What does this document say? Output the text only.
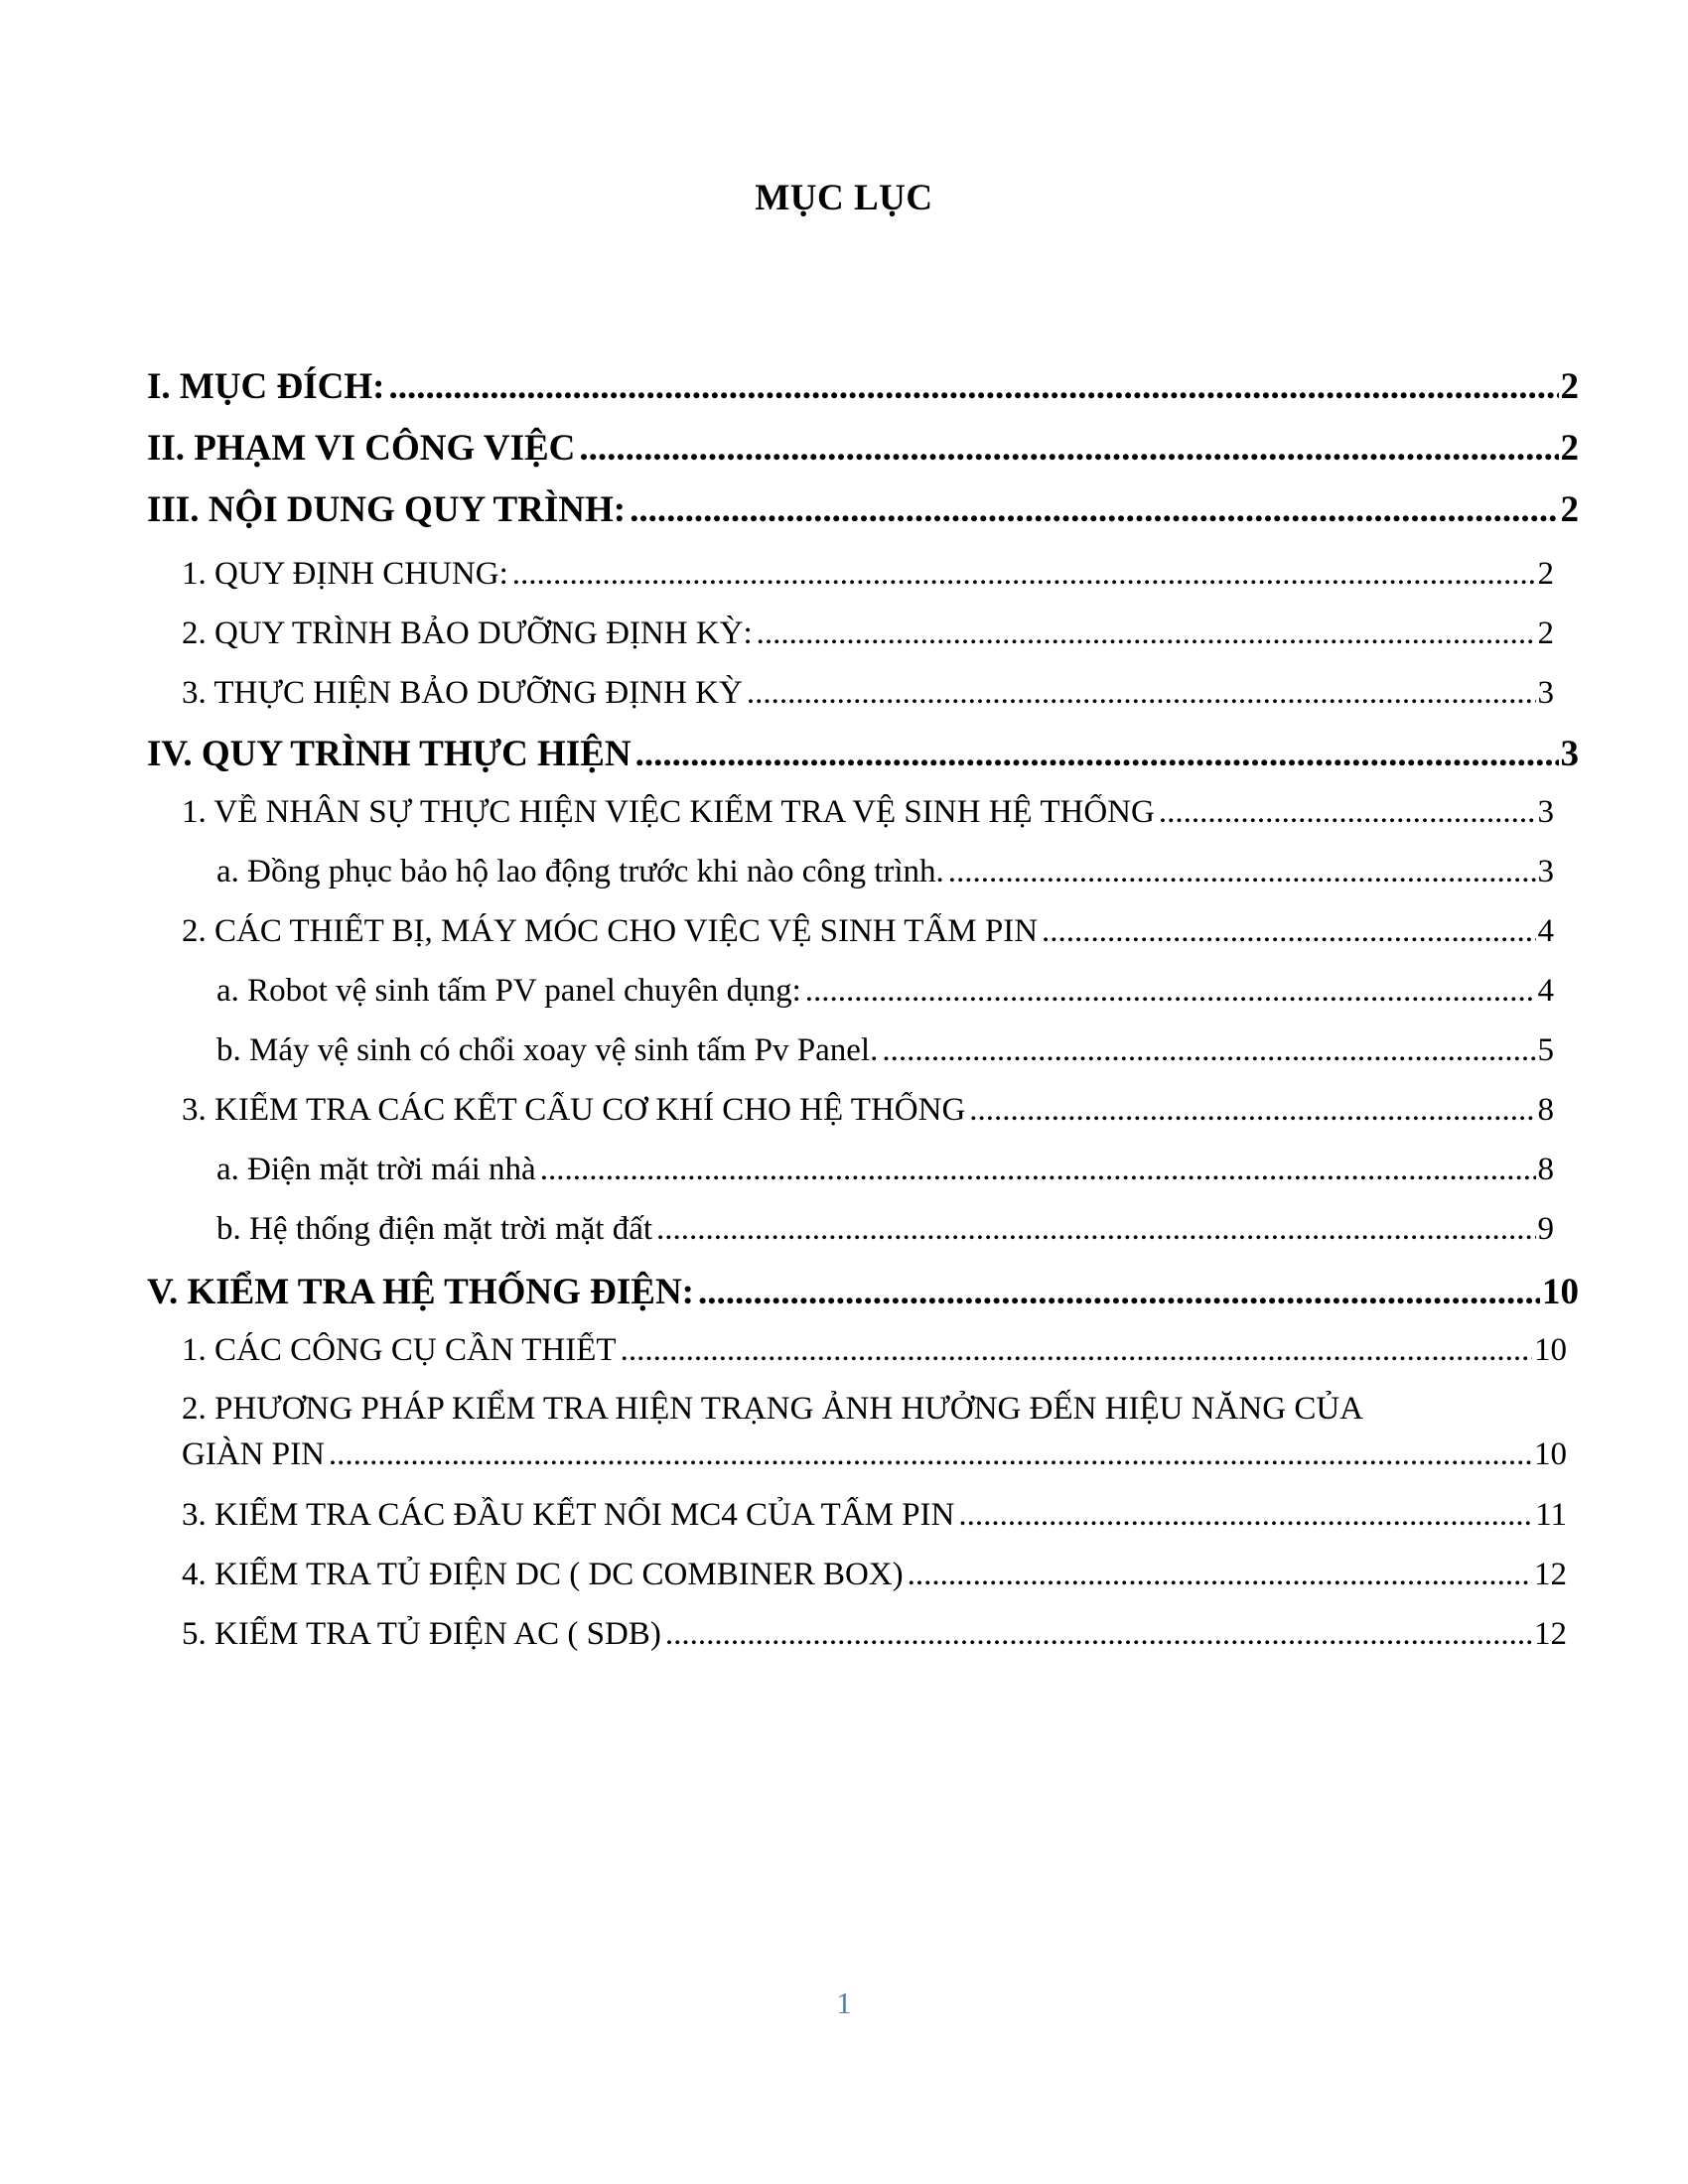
MỤC LỤC
I. MỤC ĐÍCH: .....	2
II. PHẠM VI CÔNG VIỆC .....	2
III. NỘI DUNG QUY TRÌNH: .....	2
1. QUY ĐỊNH CHUNG: .....	2
2. QUY TRÌNH BẢO DƯỠNG ĐỊNH KỲ: .....	2
3. THỰC HIỆN BẢO DƯỠNG ĐỊNH KỲ .....	3
IV. QUY TRÌNH THỰC HIỆN .....	3
1. VỀ NHÂN SỰ THỰC HIỆN VIỆC KIỂM TRA VỆ SINH HỆ THỐNG .....	3
a. Đồng phục bảo hộ lao động trước khi nào công trình. .....	3
2. CÁC THIẾT BỊ, MÁY MÓC CHO VIỆC VỆ SINH TẤM PIN .....	4
a. Robot vệ sinh tấm PV panel chuyên dụng: .....	4
b. Máy vệ sinh có chổi xoay vệ sinh tấm Pv Panel. .....	5
3. KIỂM TRA CÁC KẾT CẤU CƠ KHÍ CHO HỆ THỐNG .....	8
a. Điện mặt trời mái nhà .....	8
b. Hệ thống điện mặt trời mặt đất .....	9
V. KIỂM TRA HỆ THỐNG ĐIỆN: .....	10
1. CÁC CÔNG CỤ CẦN THIẾT .....	10
2. PHƯƠNG PHÁP KIỂM TRA HIỆN TRẠNG ẢNH HƯỞNG ĐẾN HIỆU NĂNG CỦA
GIÀN PIN .....	10
3. KIỂM TRA CÁC ĐẦU KẾT NỐI MC4 CỦA TẤM PIN .....	11
4. KIỂM TRA TỦ ĐIỆN DC ( DC COMBINER BOX) .....	12
5. KIỂM TRA TỦ ĐIỆN AC ( SDB) .....	12
1
